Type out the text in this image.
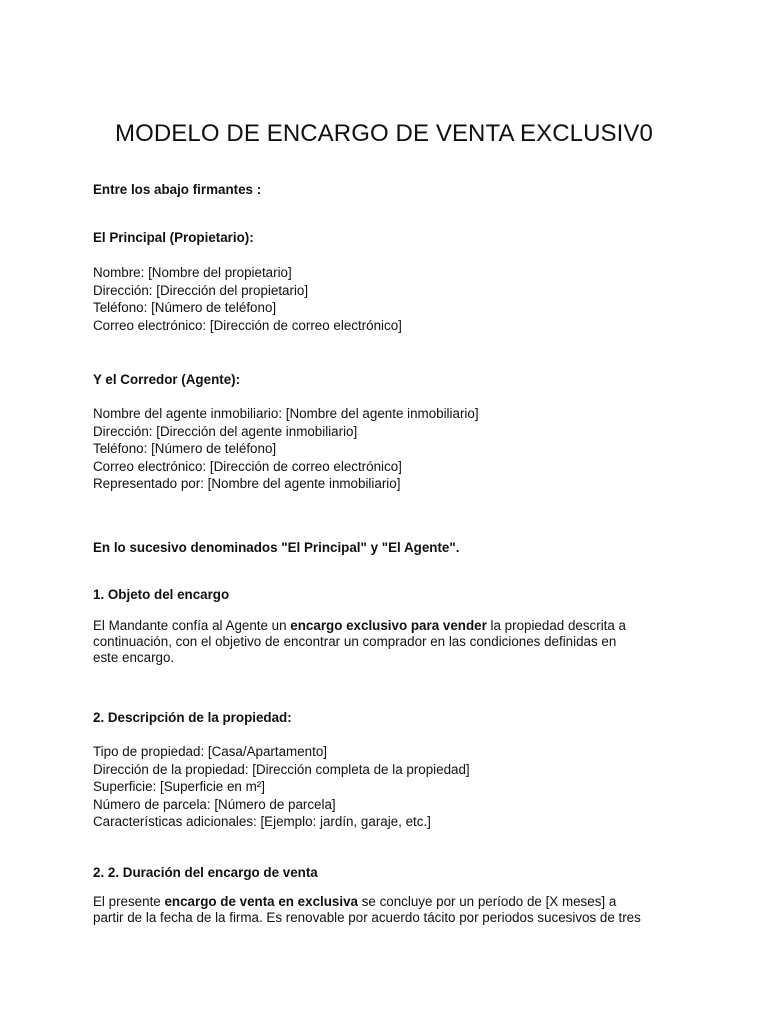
MODELO DE ENCARGO DE VENTA EXCLUSIV0

Entre los abajo firmantes :

El Principal (Propietario):

Nombre: [Nombre del propietario]
Dirección: [Dirección del propietario]
Teléfono: [Número de teléfono]
Correo electrónico: [Dirección de correo electrónico]

Y el Corredor (Agente):

Nombre del agente inmobiliario: [Nombre del agente inmobiliario]
Dirección: [Dirección del agente inmobiliario]
Teléfono: [Número de teléfono]
Correo electrónico: [Dirección de correo electrónico]
Representado por: [Nombre del agente inmobiliario]

En lo sucesivo denominados "El Principal" y "El Agente".

1. Objeto del encargo

El Mandante confía al Agente un encargo exclusivo para vender la propiedad descrita a
continuación, con el objetivo de encontrar un comprador en las condiciones definidas en
este encargo.

2. Descripción de la propiedad:

Tipo de propiedad: [Casa/Apartamento]
Dirección de la propiedad: [Dirección completa de la propiedad]
Superficie: [Superficie en m²]
Número de parcela: [Número de parcela]
Características adicionales: [Ejemplo: jardín, garaje, etc.]

2. 2. Duración del encargo de venta

El presente encargo de venta en exclusiva se concluye por un período de [X meses] a
partir de la fecha de la firma. Es renovable por acuerdo tácito por periodos sucesivos de tres
